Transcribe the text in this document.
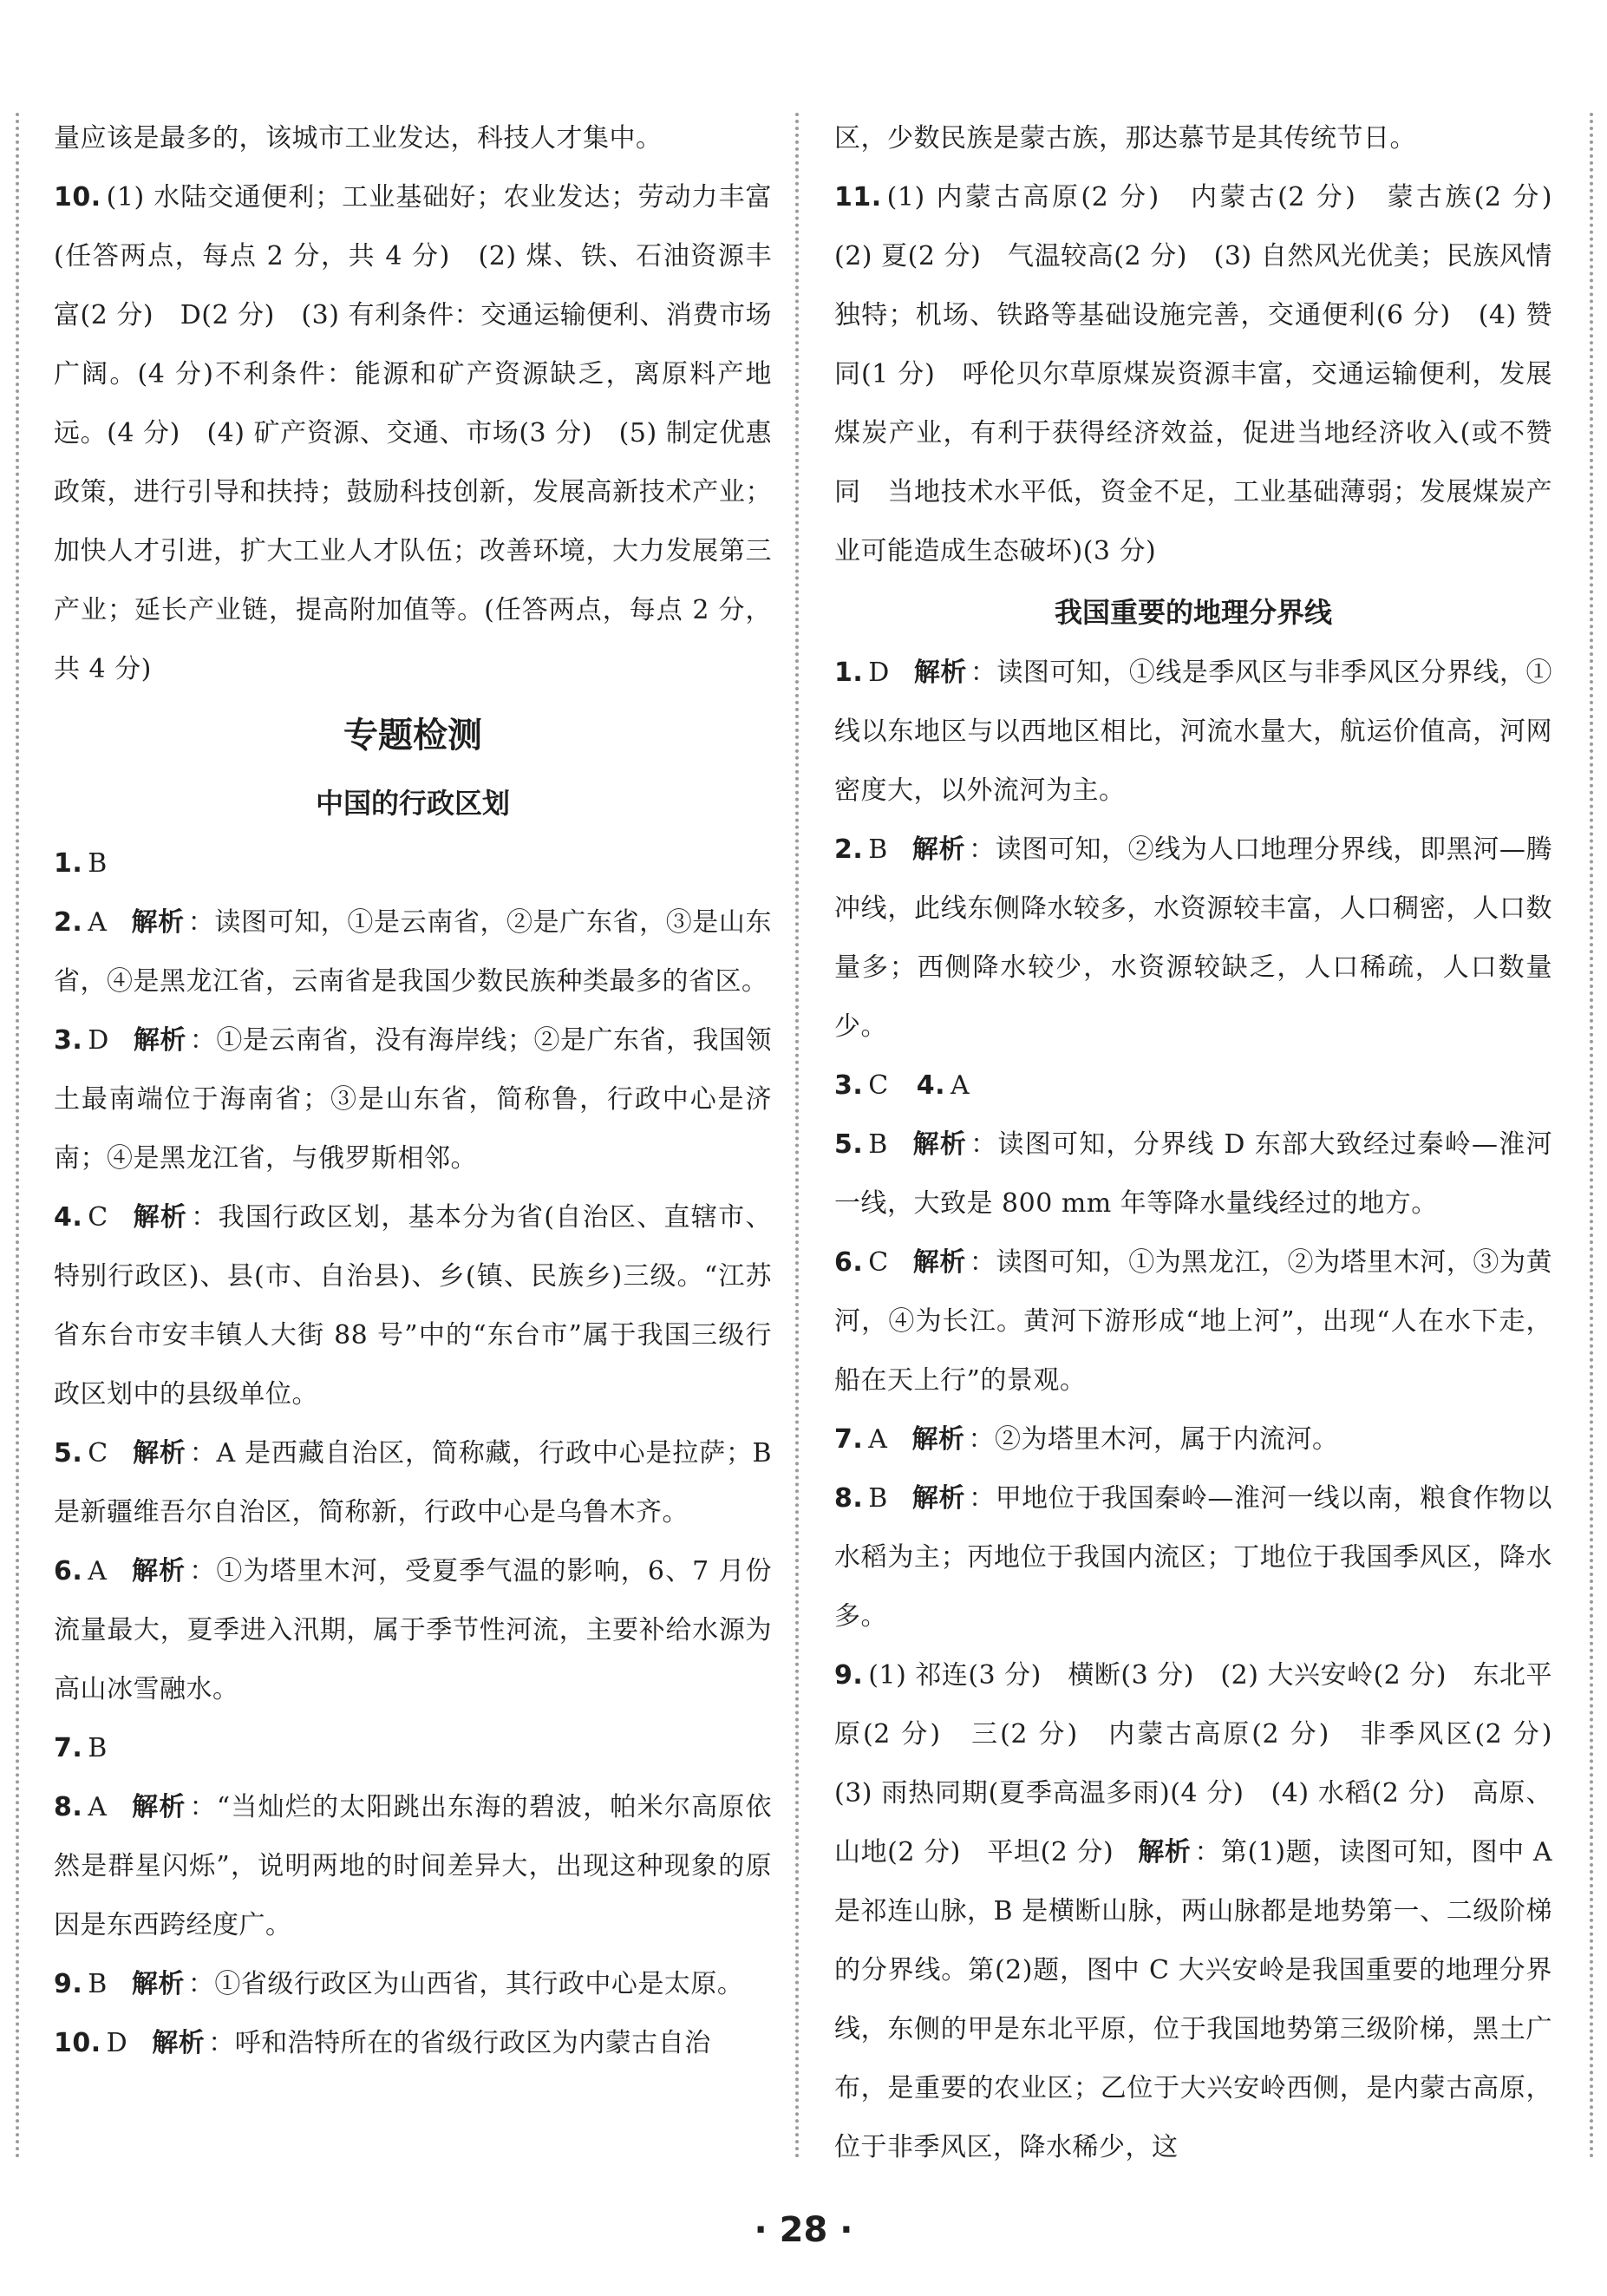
量应该是最多的，该城市工业发达，科技人才集中。

10. (1) 水陆交通便利；工业基础好；农业发达；劳动力丰富(任答两点，每点 2 分，共 4 分)　(2) 煤、铁、石油资源丰富(2 分)　D(2 分)　(3) 有利条件：交通运输便利、消费市场广阔。(4 分)不利条件：能源和矿产资源缺乏，离原料产地远。(4 分)　(4) 矿产资源、交通、市场(3 分)　(5) 制定优惠政策，进行引导和扶持；鼓励科技创新，发展高新技术产业；加快人才引进，扩大工业人才队伍；改善环境，大力发展第三产业；延长产业链，提高附加值等。(任答两点，每点 2 分，共 4 分)

专题检测

中国的行政区划

1. B

2. A 解析 ：读图可知，①是云南省，②是广东省，③是山东省，④是黑龙江省，云南省是我国少数民族种类最多的省区。

3. D 解析 ：①是云南省，没有海岸线；②是广东省，我国领土最南端位于海南省；③是山东省，简称鲁，行政中心是济南；④是黑龙江省，与俄罗斯相邻。

4. C 解析 ：我国行政区划，基本分为省(自治区、直辖市、特别行政区)、县(市、自治县)、乡(镇、民族乡)三级。“江苏省东台市安丰镇人大街 88 号”中的“东台市”属于我国三级行政区划中的县级单位。

5. C 解析 ：A 是西藏自治区，简称藏，行政中心是拉萨；B 是新疆维吾尔自治区，简称新，行政中心是乌鲁木齐。

6. A 解析 ：①为塔里木河，受夏季气温的影响，6、7 月份流量最大，夏季进入汛期，属于季节性河流，主要补给水源为高山冰雪融水。

7. B

8. A 解析 ：“当灿烂的太阳跳出东海的碧波，帕米尔高原依然是群星闪烁”，说明两地的时间差异大，出现这种现象的原因是东西跨经度广。

9. B 解析 ：①省级行政区为山西省，其行政中心是太原。

10. D 解析 ：呼和浩特所在的省级行政区为内蒙古自治

区，少数民族是蒙古族，那达慕节是其传统节日。

11. (1) 内蒙古高原(2 分)　内蒙古(2 分)　蒙古族(2 分)　(2) 夏(2 分)　气温较高(2 分)　(3) 自然风光优美；民族风情独特；机场、铁路等基础设施完善，交通便利(6 分)　(4) 赞同(1 分)　呼伦贝尔草原煤炭资源丰富，交通运输便利，发展煤炭产业，有利于获得经济效益，促进当地经济收入(或不赞同　当地技术水平低，资金不足，工业基础薄弱；发展煤炭产业可能造成生态破坏)(3 分)

我国重要的地理分界线

1. D 解析 ：读图可知，①线是季风区与非季风区分界线，①线以东地区与以西地区相比，河流水量大，航运价值高，河网密度大，以外流河为主。

2. B 解析 ：读图可知，②线为人口地理分界线，即黑河—腾冲线，此线东侧降水较多，水资源较丰富，人口稠密，人口数量多；西侧降水较少，水资源较缺乏，人口稀疏，人口数量少。

3. C 4. A

5. B 解析 ：读图可知，分界线 D 东部大致经过秦岭—淮河一线，大致是 800 mm 年等降水量线经过的地方。

6. C 解析 ：读图可知，①为黑龙江，②为塔里木河，③为黄河，④为长江。黄河下游形成“地上河”，出现“人在水下走，船在天上行”的景观。

7. A 解析 ：②为塔里木河，属于内流河。

8. B 解析 ：甲地位于我国秦岭—淮河一线以南，粮食作物以水稻为主；丙地位于我国内流区；丁地位于我国季风区，降水多。

9. (1) 祁连(3 分)　横断(3 分)　(2) 大兴安岭(2 分)　东北平原(2 分)　三(2 分)　内蒙古高原(2 分)　非季风区(2 分)　(3) 雨热同期(夏季高温多雨)(4 分)　(4) 水稻(2 分)　高原、山地(2 分)　平坦(2 分) 解析 ：第(1)题，读图可知，图中 A 是祁连山脉，B 是横断山脉，两山脉都是地势第一、二级阶梯的分界线。第(2)题，图中 C 大兴安岭是我国重要的地理分界线，东侧的甲是东北平原，位于我国地势第三级阶梯，黑土广布，是重要的农业区；乙位于大兴安岭西侧，是内蒙古高原，位于非季风区，降水稀少，这

· 28 ·
